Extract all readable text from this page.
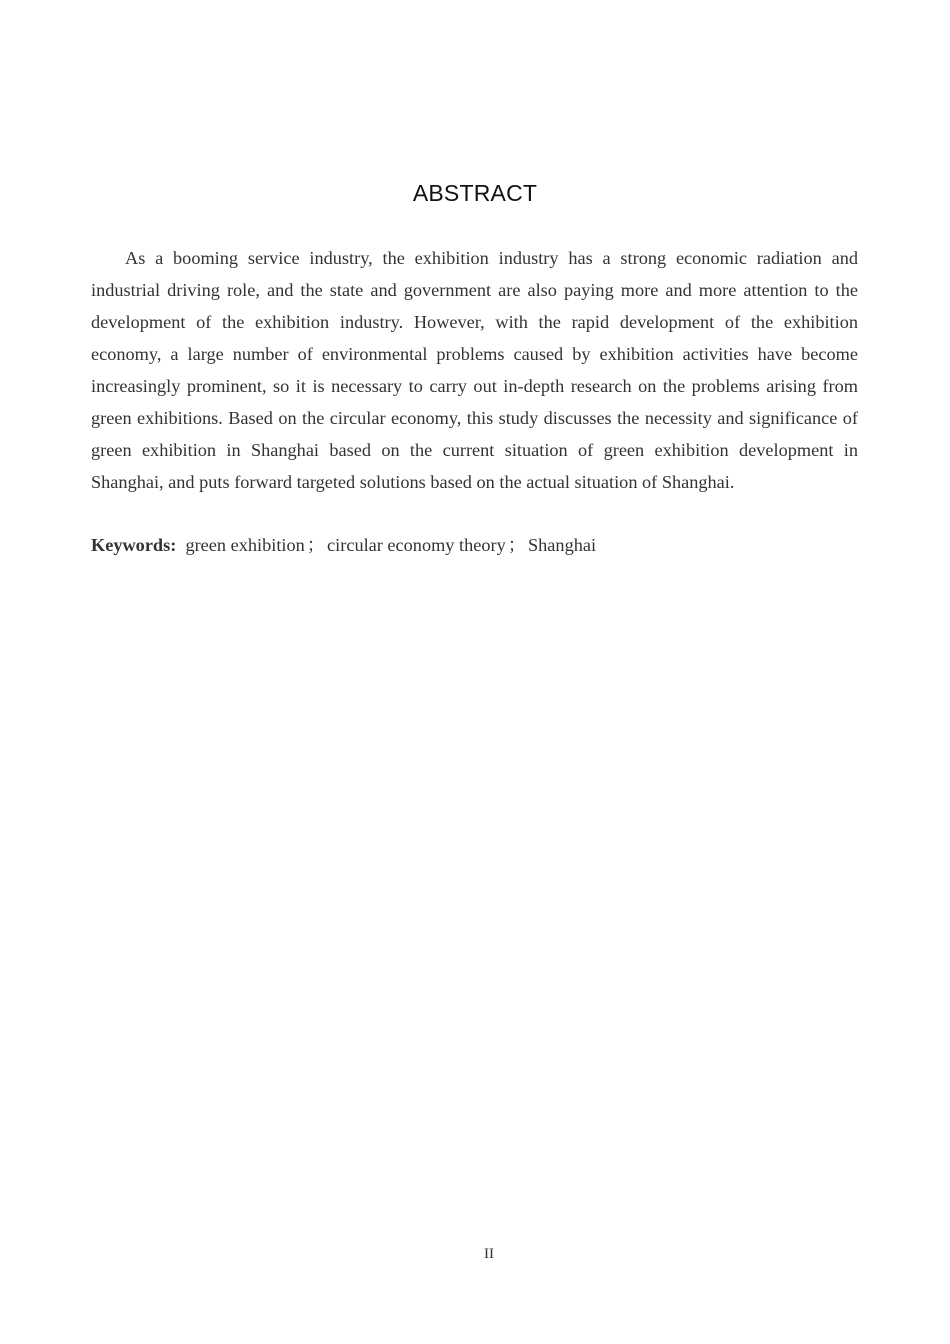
ABSTRACT

As a booming service industry, the exhibition industry has a strong economic radiation and industrial driving role, and the state and government are also paying more and more attention to the development of the exhibition industry. However, with the rapid development of the exhibition economy, a large number of environmental problems caused by exhibition activities have become increasingly prominent, so it is necessary to carry out in-depth research on the problems arising from green exhibitions. Based on the circular economy, this study discusses the necessity and significance of green exhibition in Shanghai based on the current situation of green exhibition development in Shanghai, and puts forward targeted solutions based on the actual situation of Shanghai.

Keywords: green exhibition ； circular economy theory ； Shanghai

II
